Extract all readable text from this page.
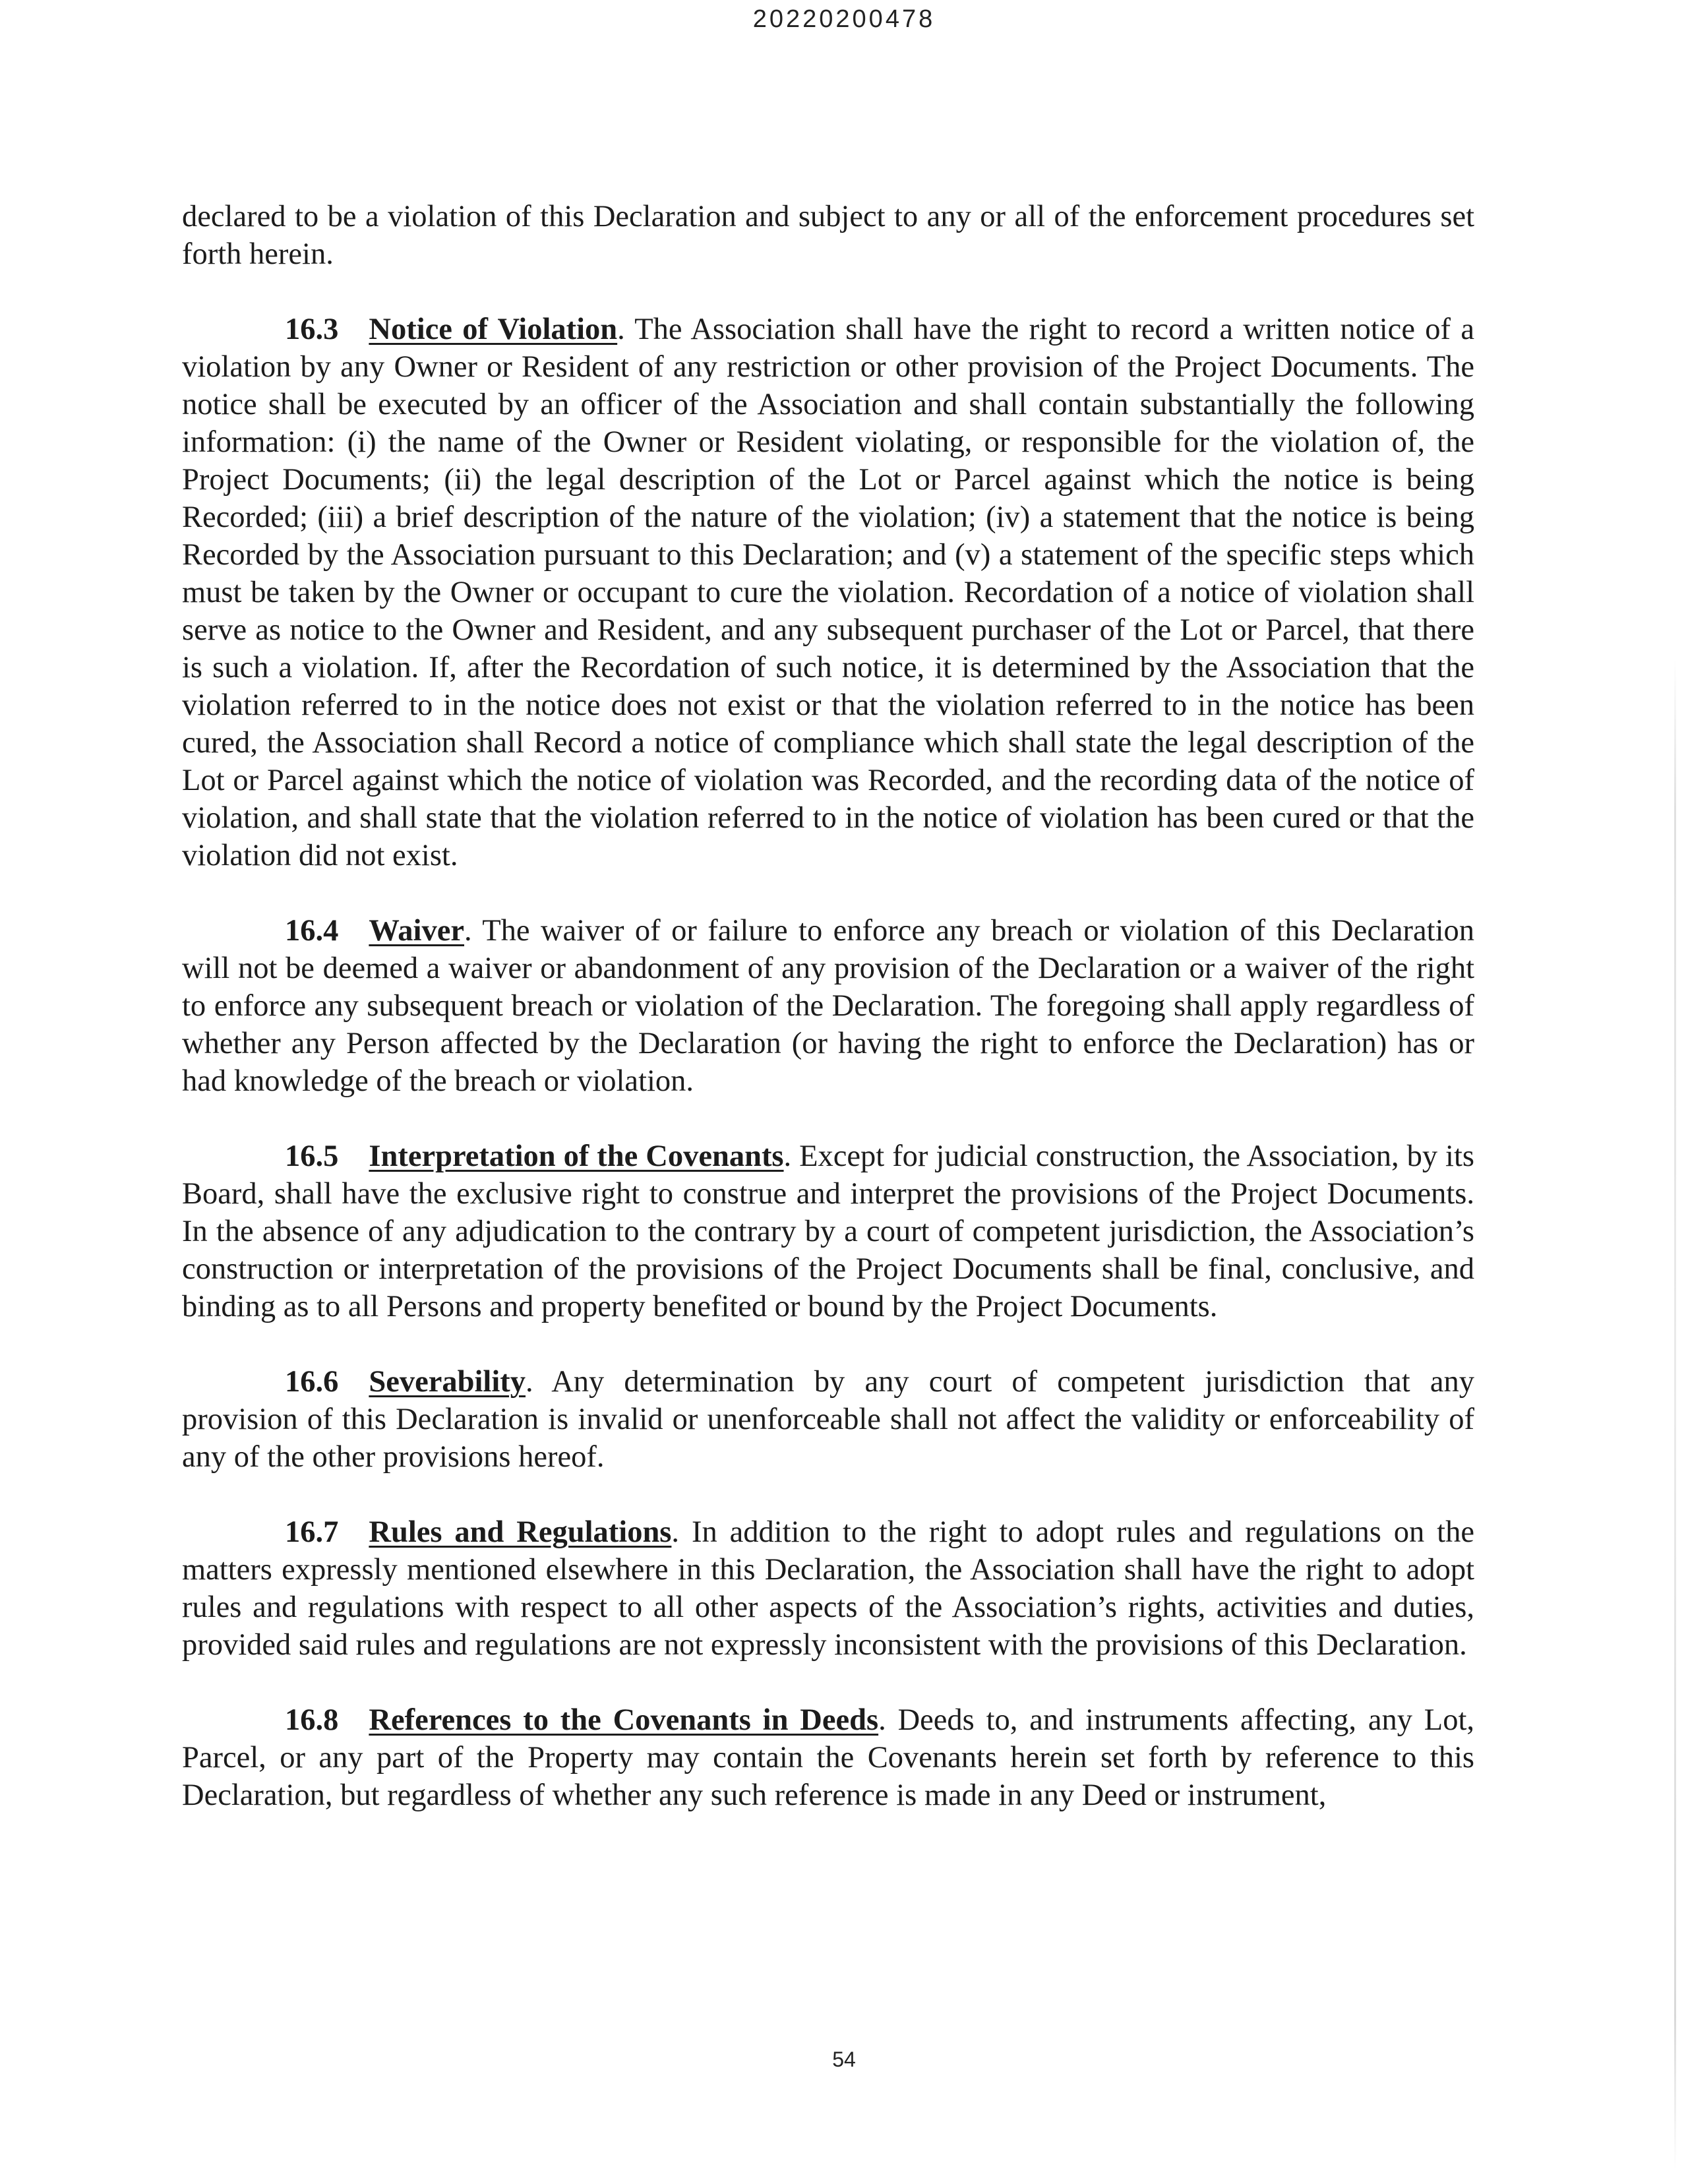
20220200478

declared to be a violation of this Declaration and subject to any or all of the enforcement procedures set forth herein.

16.3 Notice of Violation. The Association shall have the right to record a written notice of a violation by any Owner or Resident of any restriction or other provision of the Project Documents. The notice shall be executed by an officer of the Association and shall contain substantially the following information: (i) the name of the Owner or Resident violating, or responsible for the violation of, the Project Documents; (ii) the legal description of the Lot or Parcel against which the notice is being Recorded; (iii) a brief description of the nature of the violation; (iv) a statement that the notice is being Recorded by the Association pursuant to this Declaration; and (v) a statement of the specific steps which must be taken by the Owner or occupant to cure the violation. Recordation of a notice of violation shall serve as notice to the Owner and Resident, and any subsequent purchaser of the Lot or Parcel, that there is such a violation. If, after the Recordation of such notice, it is determined by the Association that the violation referred to in the notice does not exist or that the violation referred to in the notice has been cured, the Association shall Record a notice of compliance which shall state the legal description of the Lot or Parcel against which the notice of violation was Recorded, and the recording data of the notice of violation, and shall state that the violation referred to in the notice of violation has been cured or that the violation did not exist.

16.4 Waiver. The waiver of or failure to enforce any breach or violation of this Declaration will not be deemed a waiver or abandonment of any provision of the Declaration or a waiver of the right to enforce any subsequent breach or violation of the Declaration. The foregoing shall apply regardless of whether any Person affected by the Declaration (or having the right to enforce the Declaration) has or had knowledge of the breach or violation.

16.5 Interpretation of the Covenants. Except for judicial construction, the Association, by its Board, shall have the exclusive right to construe and interpret the provisions of the Project Documents. In the absence of any adjudication to the contrary by a court of competent jurisdiction, the Association’s construction or interpretation of the provisions of the Project Documents shall be final, conclusive, and binding as to all Persons and property benefited or bound by the Project Documents.

16.6 Severability. Any determination by any court of competent jurisdiction that any provision of this Declaration is invalid or unenforceable shall not affect the validity or enforceability of any of the other provisions hereof.

16.7 Rules and Regulations. In addition to the right to adopt rules and regulations on the matters expressly mentioned elsewhere in this Declaration, the Association shall have the right to adopt rules and regulations with respect to all other aspects of the Association’s rights, activities and duties, provided said rules and regulations are not expressly inconsistent with the provisions of this Declaration.

16.8 References to the Covenants in Deeds. Deeds to, and instruments affecting, any Lot, Parcel, or any part of the Property may contain the Covenants herein set forth by reference to this Declaration, but regardless of whether any such reference is made in any Deed or instrument,

54
